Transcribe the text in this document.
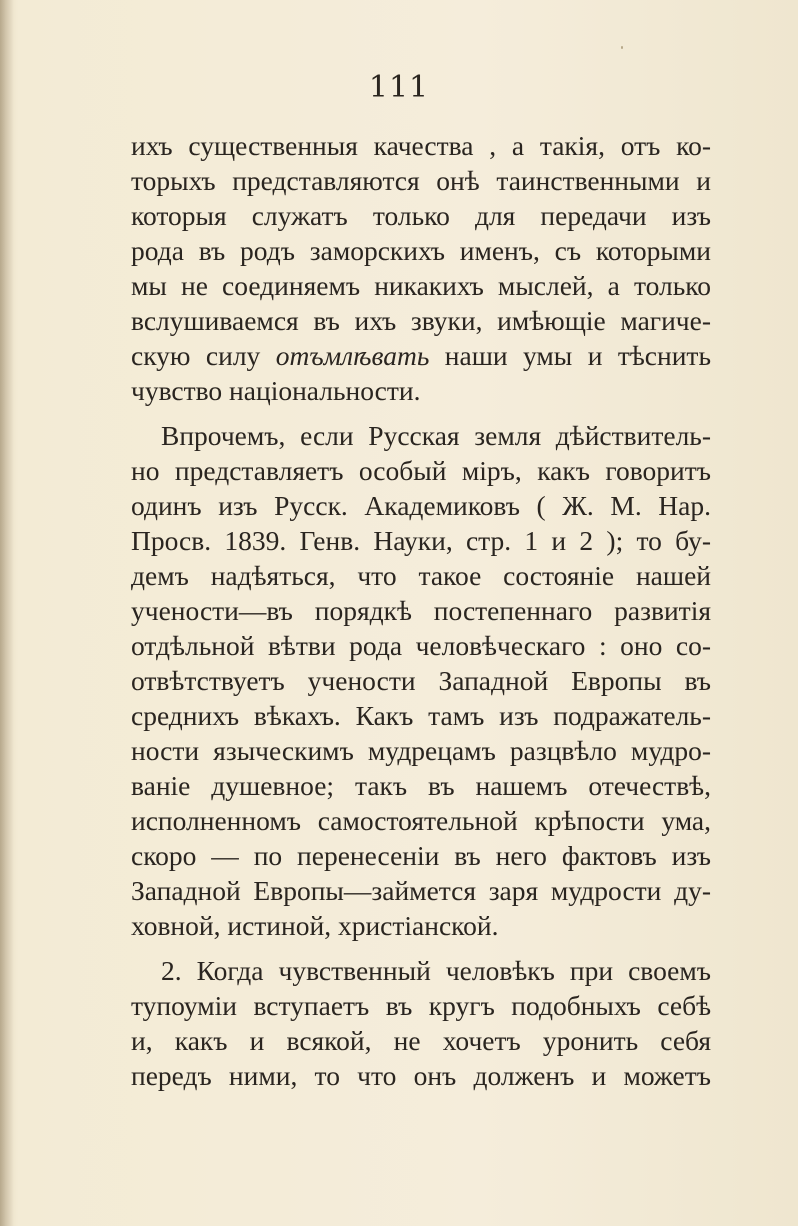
111
ихъ существенныя качества , а такія, отъ ко-
торыхъ представляются онѣ таинственными и
которыя служатъ только для передачи изъ
рода въ родъ заморскихъ именъ, съ которыми
мы не соединяемъ никакихъ мыслей, а только
вслушиваемся въ ихъ звуки, имѣющіе магиче-
скую силу отъмлѣвать наши умы и тѣснить
чувство національности.
Впрочемъ, если Русская земля дѣйствитель-
но представляетъ особый міръ, какъ говоритъ
одинъ изъ Русск. Академиковъ ( Ж. М. Нар.
Просв. 1839. Генв. Науки, стр. 1 и 2 ); то бу-
демъ надѣяться, что такое состояніе нашей
учености—въ порядкѣ постепеннаго развитія
отдѣльной вѣтви рода человѣческаго : оно со-
отвѣтствуетъ учености Западной Европы въ
среднихъ вѣкахъ. Какъ тамъ изъ подражатель-
ности языческимъ мудрецамъ разцвѣло мудро-
ваніе душевное; такъ въ нашемъ отечествѣ,
исполненномъ самостоятельной крѣпости ума,
скоро — по перенесеніи въ него фактовъ изъ
Западной Европы—займется заря мудрости ду-
ховной, истиной, христіанской.
2. Когда чувственный человѣкъ при своемъ
тупоуміи вступаетъ въ кругъ подобныхъ себѣ
и, какъ и всякой, не хочетъ уронить себя
передъ ними, то что онъ долженъ и можетъ
